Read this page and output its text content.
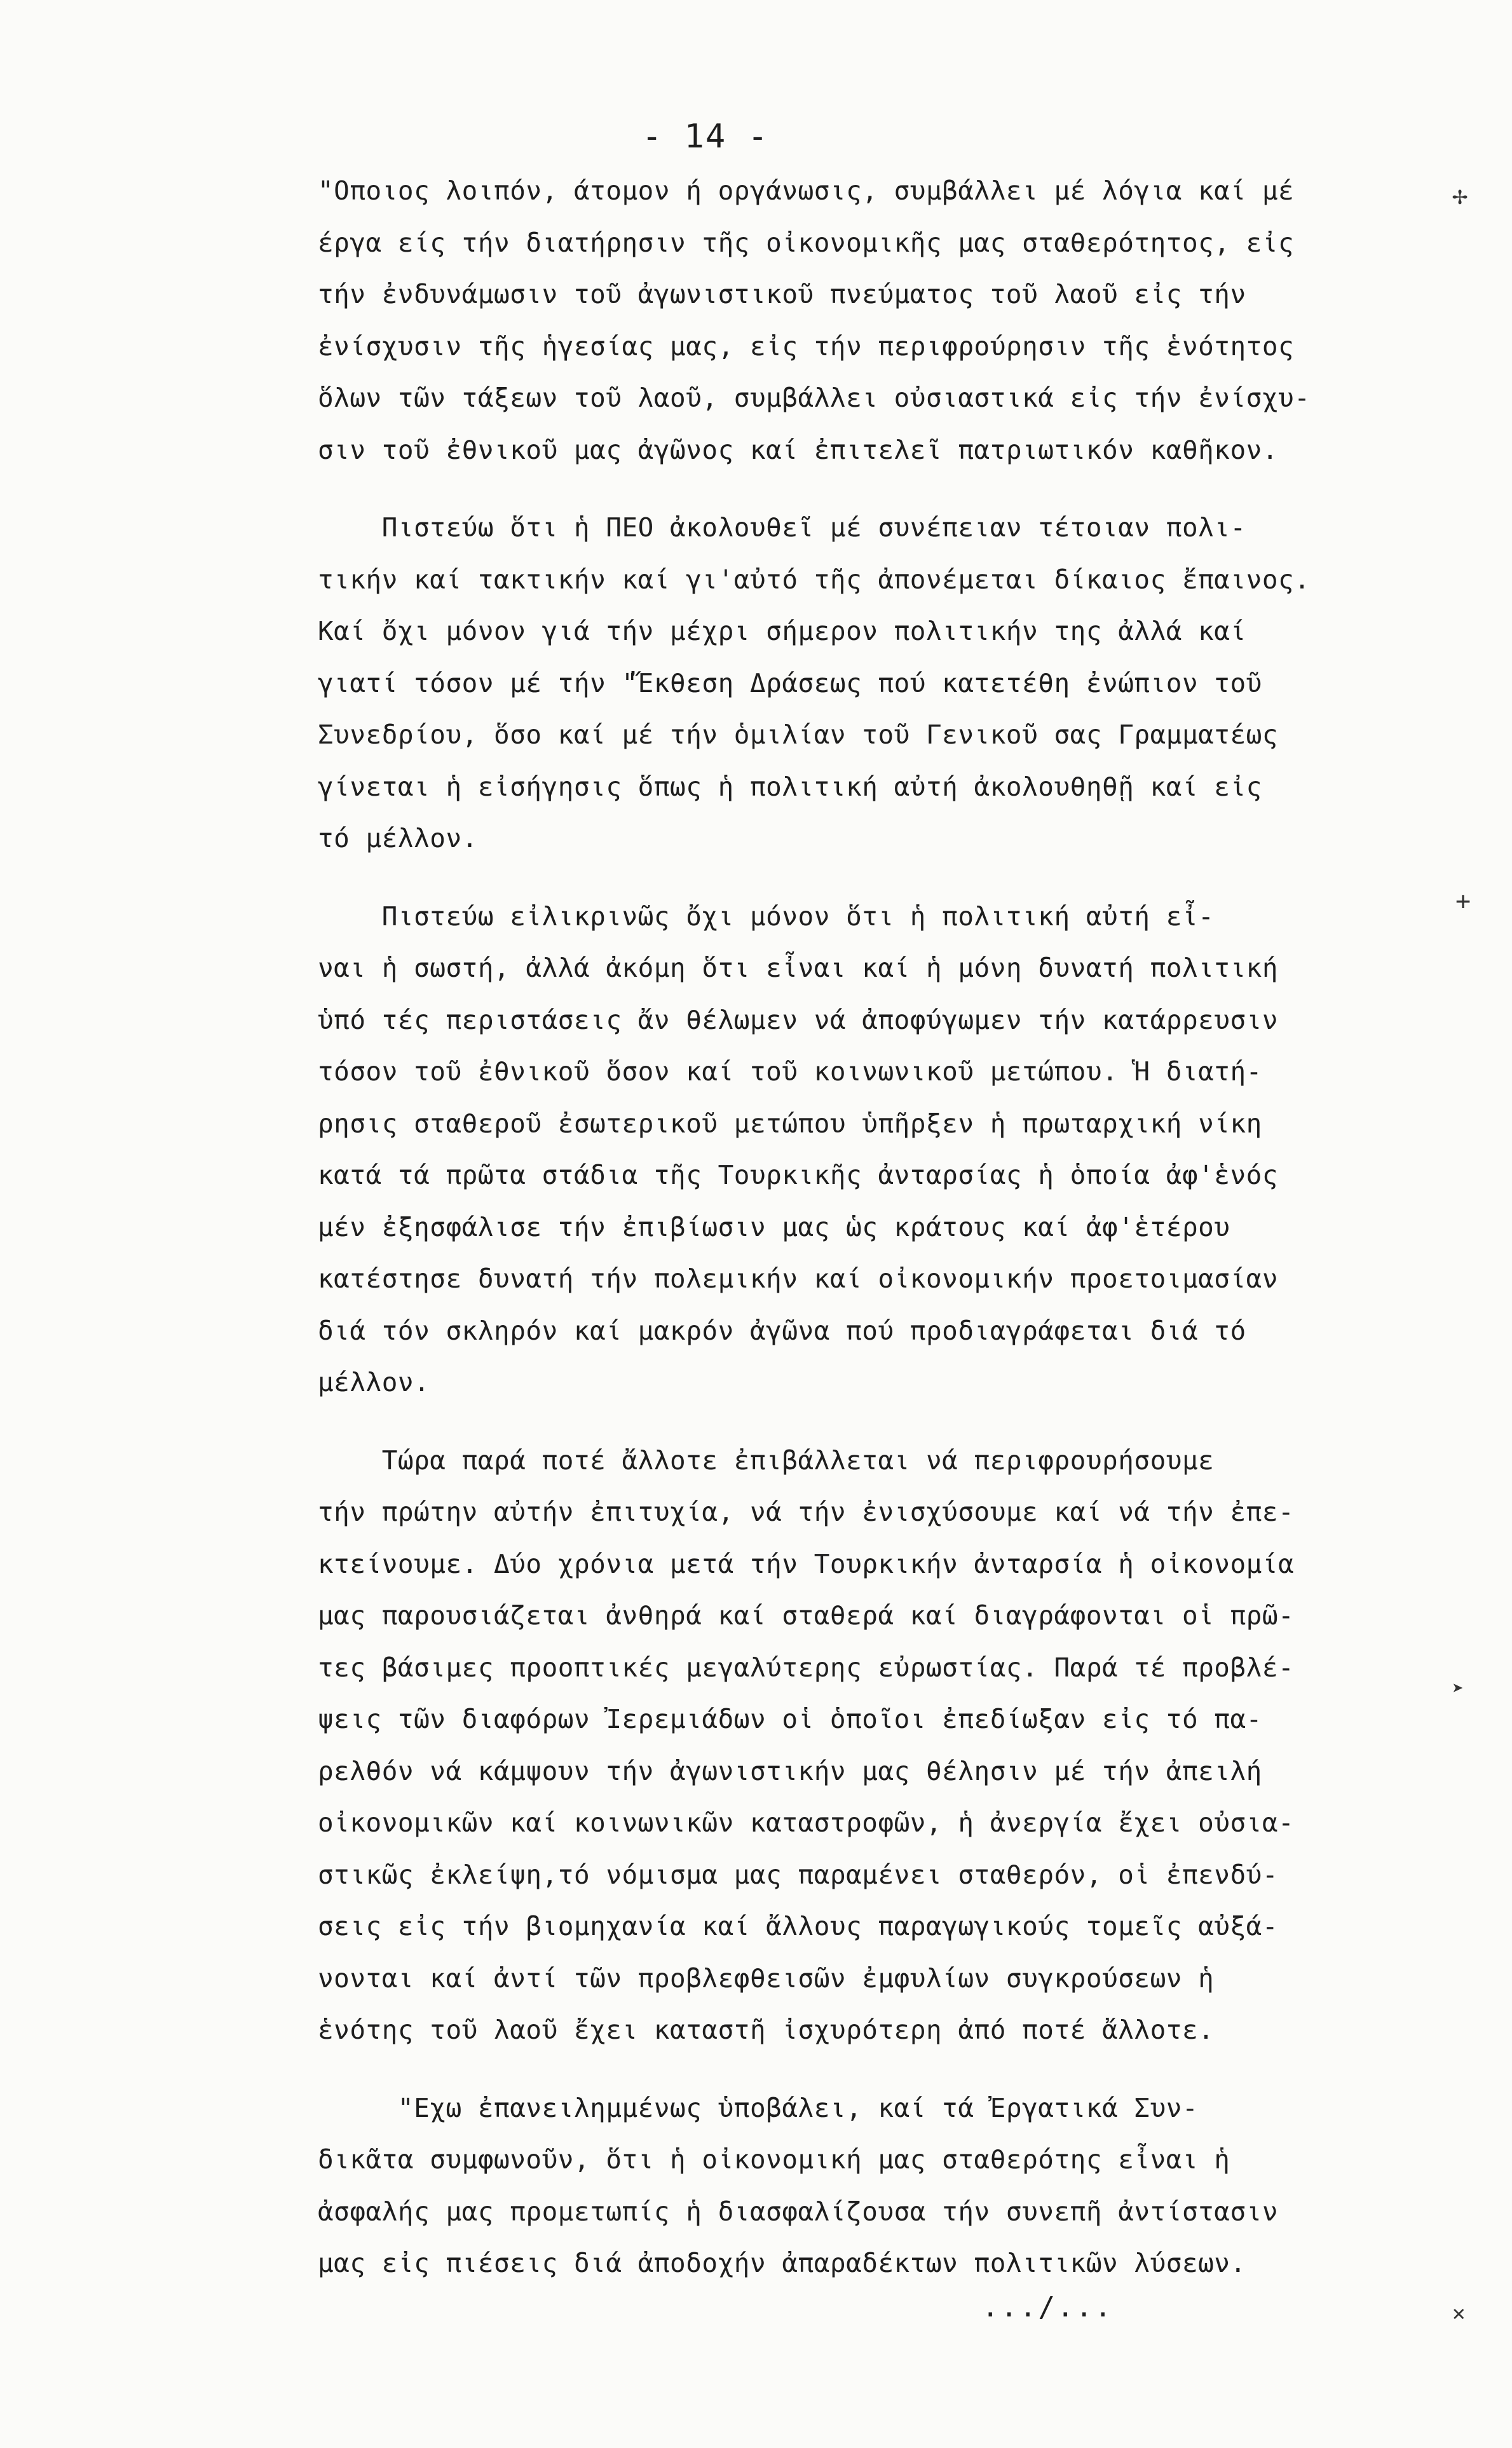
- 14 -
"Οποιος λοιπόν, άτομον ή οργάνωσις, συμβάλλει μέ λόγια καί μέ
έργα είς τήν διατήρησιν τῆς οἰκονομικῆς μας σταθερότητος, εἰς
τήν ἐνδυνάμωσιν τοῦ ἀγωνιστικοῦ πνεύματος τοῦ λαοῦ εἰς τήν
ἐνίσχυσιν τῆς ἡγεσίας μας, εἰς τήν περιφρούρησιν τῆς ἑνότητος
ὅλων τῶν τάξεων τοῦ λαοῦ, συμβάλλει οὐσιαστικά εἰς τήν ἐνίσχυ-
σιν τοῦ ἐθνικοῦ μας ἀγῶνος καί ἐπιτελεῖ πατριωτικόν καθῆκον.
Πιστεύω ὅτι ἡ ΠΕΟ ἀκολουθεῖ μέ συνέπειαν τέτοιαν πολι-
τικήν καί τακτικήν καί γι'αὐτό τῆς ἀπονέμεται δίκαιος ἔπαινος.
Καί ὄχι μόνον γιά τήν μέχρι σήμερον πολιτικήν της ἀλλά καί
γιατί τόσον μέ τήν "Ἔκθεση Δράσεως πού κατετέθη ἐνώπιον τοῦ
Συνεδρίου, ὅσο καί μέ τήν ὁμιλίαν τοῦ Γενικοῦ σας Γραμματέως
γίνεται ἡ εἰσήγησις ὅπως ἡ πολιτική αὐτή ἀκολουθηθῇ καί εἰς
τό μέλλον.
Πιστεύω εἰλικρινῶς ὄχι μόνον ὅτι ἡ πολιτική αὐτή εἶ-
ναι ἡ σωστή, ἀλλά ἀκόμη ὅτι εἶναι καί ἡ μόνη δυνατή πολιτική
ὑπό τές περιστάσεις ἄν θέλωμεν νά ἀποφύγωμεν τήν κατάρρευσιν
τόσον τοῦ ἐθνικοῦ ὅσον καί τοῦ κοινωνικοῦ μετώπου. Ἡ διατή-
ρησις σταθεροῦ ἐσωτερικοῦ μετώπου ὑπῆρξεν ἡ πρωταρχική νίκη
κατά τά πρῶτα στάδια τῆς Τουρκικῆς ἀνταρσίας ἡ ὁποία ἀφ'ἑνός
μέν ἐξησφάλισε τήν ἐπιβίωσιν μας ὡς κράτους καί ἀφ'ἑτέρου
κατέστησε δυνατή τήν πολεμικήν καί οἰκονομικήν προετοιμασίαν
διά τόν σκληρόν καί μακρόν ἀγῶνα πού προδιαγράφεται διά τό
μέλλον.
Τώρα παρά ποτέ ἄλλοτε ἐπιβάλλεται νά περιφρουρήσουμε
τήν πρώτην αὐτήν ἐπιτυχία, νά τήν ἐνισχύσουμε καί νά τήν ἐπε-
κτείνουμε. Δύο χρόνια μετά τήν Τουρκικήν ἀνταρσία ἡ οἰκονομία
μας παρουσιάζεται ἀνθηρά καί σταθερά καί διαγράφονται οἱ πρῶ-
τες βάσιμες προοπτικές μεγαλύτερης εὐρωστίας. Παρά τέ προβλέ-
ψεις τῶν διαφόρων Ἰερεμιάδων οἱ ὁποῖοι ἐπεδίωξαν εἰς τό πα-
ρελθόν νά κάμψουν τήν ἀγωνιστικήν μας θέλησιν μέ τήν ἀπειλή
οἰκονομικῶν καί κοινωνικῶν καταστροφῶν, ἡ ἀνεργία ἔχει οὐσια-
στικῶς ἐκλείψη,τό νόμισμα μας παραμένει σταθερόν, οἱ ἐπενδύ-
σεις εἰς τήν βιομηχανία καί ἄλλους παραγωγικούς τομεῖς αὐξά-
νονται καί ἀντί τῶν προβλεφθεισῶν ἐμφυλίων συγκρούσεων ἡ
ἑνότης τοῦ λαοῦ ἔχει καταστῆ ἰσχυρότερη ἀπό ποτέ ἄλλοτε.
"Εχω ἐπανειλημμένως ὑποβάλει, καί τά Ἐργατικά Συν-
δικᾶτα συμφωνοῦν, ὅτι ἡ οἰκονομική μας σταθερότης εἶναι ἡ
ἀσφαλής μας προμετωπίς ἡ διασφαλίζουσα τήν συνεπῆ ἀντίστασιν
μας εἰς πιέσεις διά ἀποδοχήν ἀπαραδέκτων πολιτικῶν λύσεων.
.../...
✢
+
➤
✕
